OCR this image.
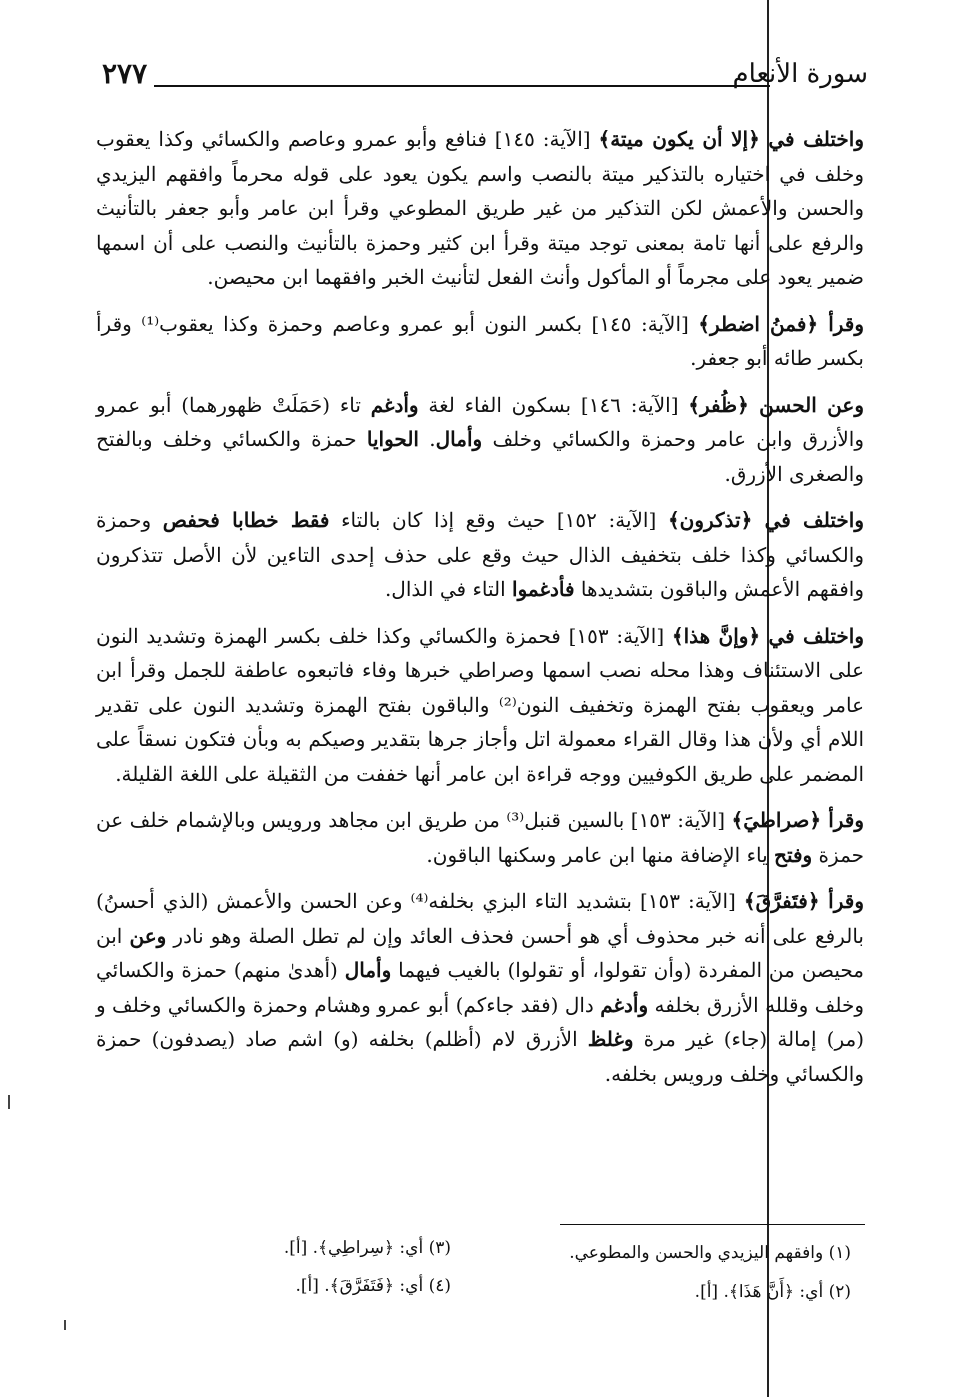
٢٧٧	سورة الأنعام

واختلف في ﴿إلا أن يكون ميتة﴾ [الآية: ١٤٥] فنافع وأبو عمرو وعاصم والكسائي وكذا يعقوب وخلف في اختياره بالتذكير ميتة بالنصب واسم يكون يعود على قوله محرماً وافقهم اليزيدي والحسن والأعمش لكن التذكير من غير طريق المطوعي وقرأ ابن عامر وأبو جعفر بالتأنيث والرفع على أنها تامة بمعنى توجد ميتة وقرأ ابن كثير وحمزة بالتأنيث والنصب على أن اسمها ضمير يعود على مجرماً أو المأكول وأنث الفعل لتأنيث الخبر وافقهما ابن محيصن.

وقرأ ﴿فمنُ اضطر﴾ [الآية: ١٤٥] بكسر النون أبو عمرو وعاصم وحمزة وكذا يعقوب⁽¹⁾ وقرأ بكسر طائه أبو جعفر.

وعن الحسن ﴿ظُفر﴾ [الآية: ١٤٦] بسكون الفاء لغة وأدغم تاء (حَمَلَتْ ظهورهما) أبو عمرو والأزرق وابن عامر وحمزة والكسائي وخلف وأمال. الحوايا حمزة والكسائي وخلف وبالفتح والصغرى الأزرق.

واختلف في ﴿تذكرون﴾ [الآية: ١٥٢] حيث وقع إذا كان بالتاء فقط خطابا فحفص وحمزة والكسائي وكذا خلف بتخفيف الذال حيث وقع على حذف إحدى التاءين لأن الأصل تتذكرون وافقهم الأعمش والباقون بتشديدها فأدغموا التاء في الذال.

واختلف في ﴿وإنَّ هذا﴾ [الآية: ١٥٣] فحمزة والكسائي وكذا خلف بكسر الهمزة وتشديد النون على الاستئناف وهذا محله نصب اسمها وصراطي خبرها وفاء فاتبعوه عاطفة للجمل وقرأ ابن عامر ويعقوب بفتح الهمزة وتخفيف النون⁽²⁾ والباقون بفتح الهمزة وتشديد النون على تقدير اللام أي ولأن هذا وقال القراء معمولة اتل وأجاز جرها بتقدير وصيكم به وبأن فتكون نسقاً على المضمر على طريق الكوفيين ووجه قراءة ابن عامر أنها خففت من الثقيلة على اللغة القليلة.

وقرأ ﴿صراطيَ﴾ [الآية: ١٥٣] بالسين قنبل⁽³⁾ من طريق ابن مجاهد ورويس وبالإشمام خلف عن حمزة وفتح ياء الإضافة منها ابن عامر وسكنها الباقون.

وقرأ ﴿فتَفرَّقَ﴾ [الآية: ١٥٣] بتشديد التاء البزي بخلفه⁽⁴⁾ وعن الحسن والأعمش (الذي أحسنُ) بالرفع على أنه خبر محذوف أي هو أحسن فحذف العائد وإن لم تطل الصلة وهو نادر وعن ابن محيصن من المفردة (وأن تقولوا، أو تقولوا) بالغيب فيهما وأمال (أهدىٰ منهم) حمزة والكسائي وخلف وقلله الأزرق بخلفه وأدغم دال (فقد جاءكم) أبو عمرو وهشام وحمزة والكسائي وخلف و (مر) إمالة (جاء) غير مرة وغلظ الأزرق لام (أظلم) بخلفه (و) اشم صاد (يصدفون) حمزة والكسائي وخلف ورويس بخلفه.

(١) وافقهم اليزيدي والحسن والمطوعي.
(٢) أي: ﴿أَنَّ هَذَا﴾. [أ].
(٣) أي: ﴿سِراطِي﴾. [أ].
(٤) أي: ﴿فَتَفَرَّقَ﴾. [أ].
